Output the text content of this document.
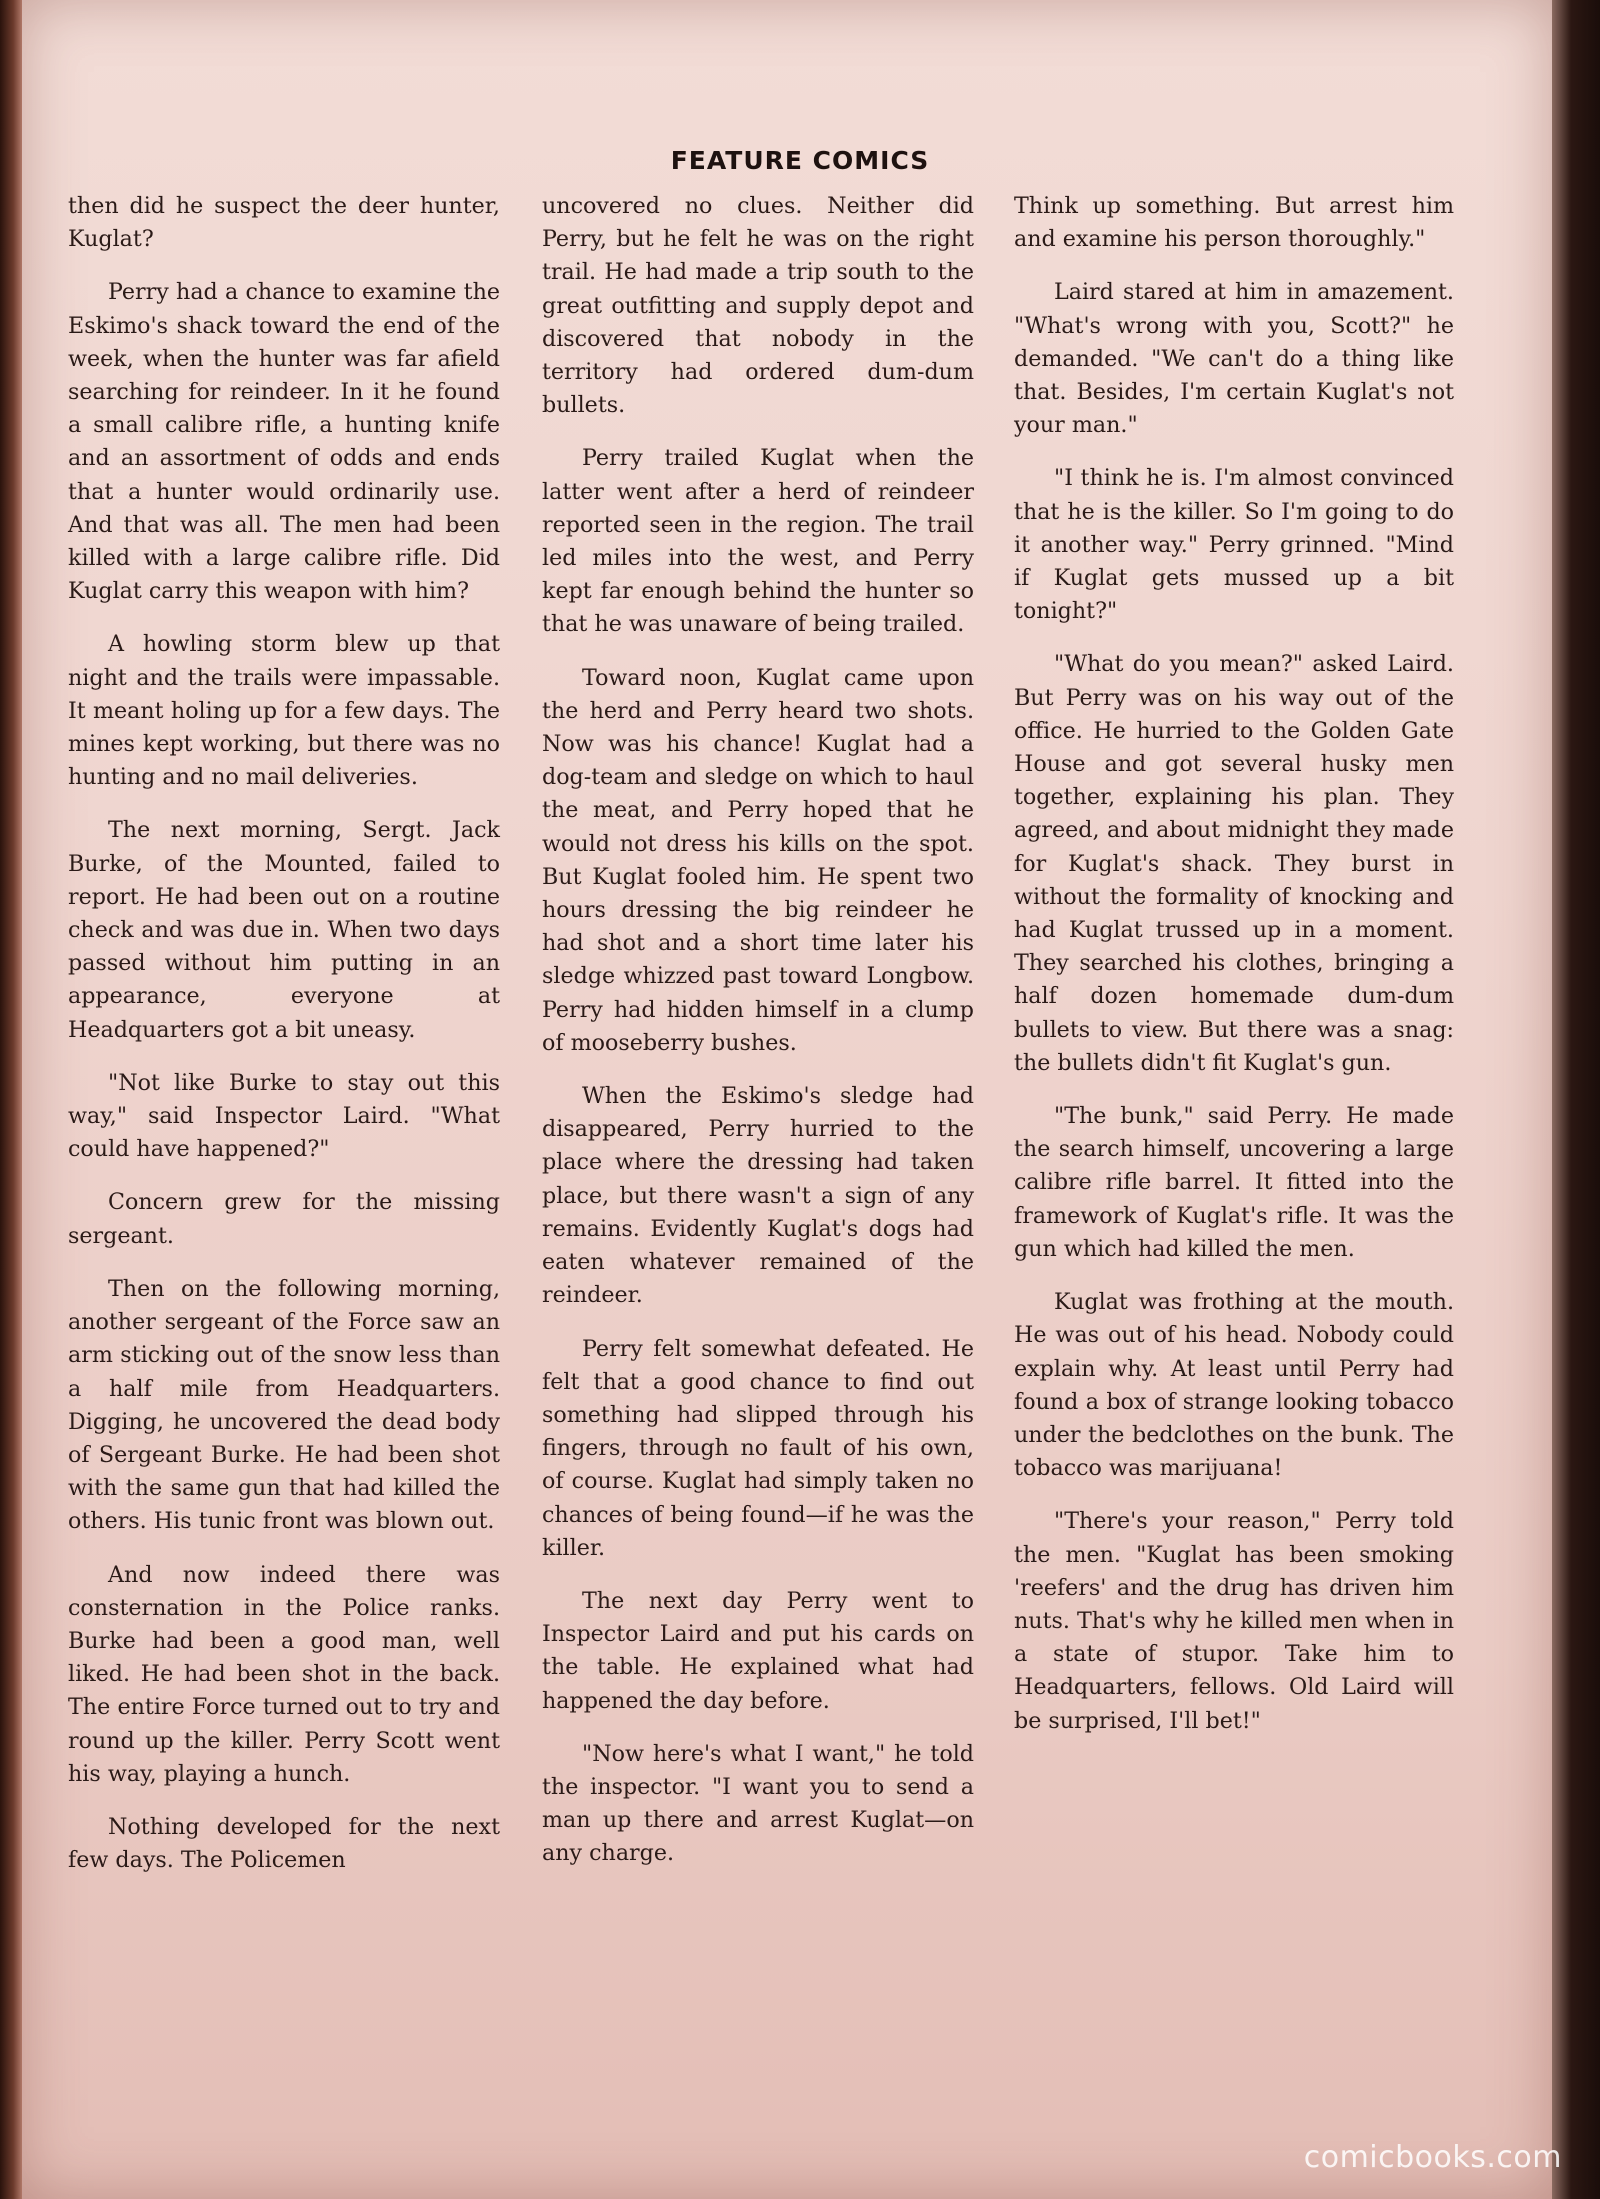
FEATURE COMICS

then did he suspect the deer hunter, Kuglat?

Perry had a chance to examine the Eskimo's shack toward the end of the week, when the hunter was far afield searching for reindeer. In it he found a small calibre rifle, a hunting knife and an assortment of odds and ends that a hunter would ordinarily use. And that was all. The men had been killed with a large calibre rifle. Did Kuglat carry this weapon with him?

A howling storm blew up that night and the trails were impassable. It meant holing up for a few days. The mines kept working, but there was no hunting and no mail deliveries.

The next morning, Sergt. Jack Burke, of the Mounted, failed to report. He had been out on a routine check and was due in. When two days passed without him putting in an appearance, everyone at Headquarters got a bit uneasy.

"Not like Burke to stay out this way," said Inspector Laird. "What could have happened?"

Concern grew for the missing sergeant.

Then on the following morning, another sergeant of the Force saw an arm sticking out of the snow less than a half mile from Headquarters. Digging, he uncovered the dead body of Sergeant Burke. He had been shot with the same gun that had killed the others. His tunic front was blown out.

And now indeed there was consternation in the Police ranks. Burke had been a good man, well liked. He had been shot in the back. The entire Force turned out to try and round up the killer. Perry Scott went his way, playing a hunch.

Nothing developed for the next few days. The Policemen

uncovered no clues. Neither did Perry, but he felt he was on the right trail. He had made a trip south to the great outfitting and supply depot and discovered that nobody in the territory had ordered dum-dum bullets.

Perry trailed Kuglat when the latter went after a herd of reindeer reported seen in the region. The trail led miles into the west, and Perry kept far enough behind the hunter so that he was unaware of being trailed.

Toward noon, Kuglat came upon the herd and Perry heard two shots. Now was his chance! Kuglat had a dog-team and sledge on which to haul the meat, and Perry hoped that he would not dress his kills on the spot. But Kuglat fooled him. He spent two hours dressing the big reindeer he had shot and a short time later his sledge whizzed past toward Longbow. Perry had hidden himself in a clump of mooseberry bushes.

When the Eskimo's sledge had disappeared, Perry hurried to the place where the dressing had taken place, but there wasn't a sign of any remains. Evidently Kuglat's dogs had eaten whatever remained of the reindeer.

Perry felt somewhat defeated. He felt that a good chance to find out something had slipped through his fingers, through no fault of his own, of course. Kuglat had simply taken no chances of being found—if he was the killer.

The next day Perry went to Inspector Laird and put his cards on the table. He explained what had happened the day before.

"Now here's what I want," he told the inspector. "I want you to send a man up there and arrest Kuglat—on any charge.

Think up something. But arrest him and examine his person thoroughly."

Laird stared at him in amazement. "What's wrong with you, Scott?" he demanded. "We can't do a thing like that. Besides, I'm certain Kuglat's not your man."

"I think he is. I'm almost convinced that he is the killer. So I'm going to do it another way." Perry grinned. "Mind if Kuglat gets mussed up a bit tonight?"

"What do you mean?" asked Laird. But Perry was on his way out of the office. He hurried to the Golden Gate House and got several husky men together, explaining his plan. They agreed, and about midnight they made for Kuglat's shack. They burst in without the formality of knocking and had Kuglat trussed up in a moment. They searched his clothes, bringing a half dozen homemade dum-dum bullets to view. But there was a snag: the bullets didn't fit Kuglat's gun.

"The bunk," said Perry. He made the search himself, uncovering a large calibre rifle barrel. It fitted into the framework of Kuglat's rifle. It was the gun which had killed the men.

Kuglat was frothing at the mouth. He was out of his head. Nobody could explain why. At least until Perry had found a box of strange looking tobacco under the bedclothes on the bunk. The tobacco was marijuana!

"There's your reason," Perry told the men. "Kuglat has been smoking 'reefers' and the drug has driven him nuts. That's why he killed men when in a state of stupor. Take him to Headquarters, fellows. Old Laird will be surprised, I'll bet!"

comicbooks.com
